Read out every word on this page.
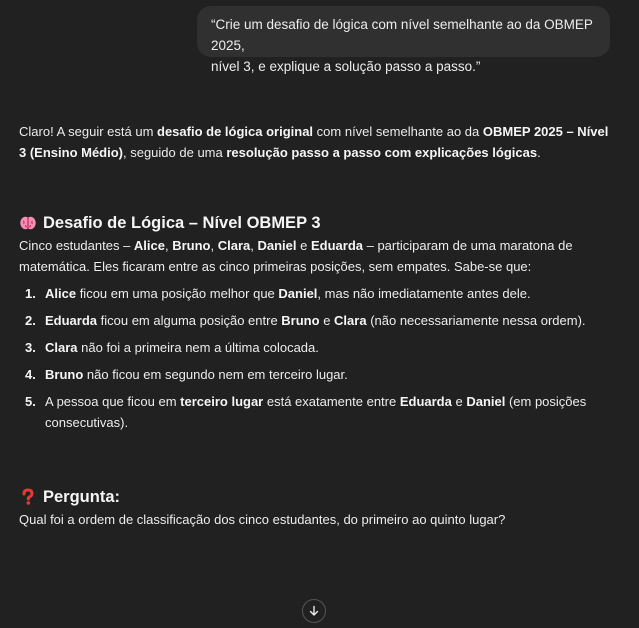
“Crie um desafio de lógica com nível semelhante ao da OBMEP 2025,
nível 3, e explique a solução passo a passo.”

Claro! A seguir está um desafio de lógica original com nível semelhante ao da OBMEP 2025 – Nível 3 (Ensino Médio), seguido de uma resolução passo a passo com explicações lógicas.

Desafio de Lógica – Nível OBMEP 3

Cinco estudantes – Alice, Bruno, Clara, Daniel e Eduarda – participaram de uma maratona de matemática. Eles ficaram entre as cinco primeiras posições, sem empates. Sabe-se que:

1. Alice ficou em uma posição melhor que Daniel, mas não imediatamente antes dele.
2. Eduarda ficou em alguma posição entre Bruno e Clara (não necessariamente nessa ordem).
3. Clara não foi a primeira nem a última colocada.
4. Bruno não ficou em segundo nem em terceiro lugar.
5. A pessoa que ficou em terceiro lugar está exatamente entre Eduarda e Daniel (em posições consecutivas).
Pergunta:

Qual foi a ordem de classificação dos cinco estudantes, do primeiro ao quinto lugar?
